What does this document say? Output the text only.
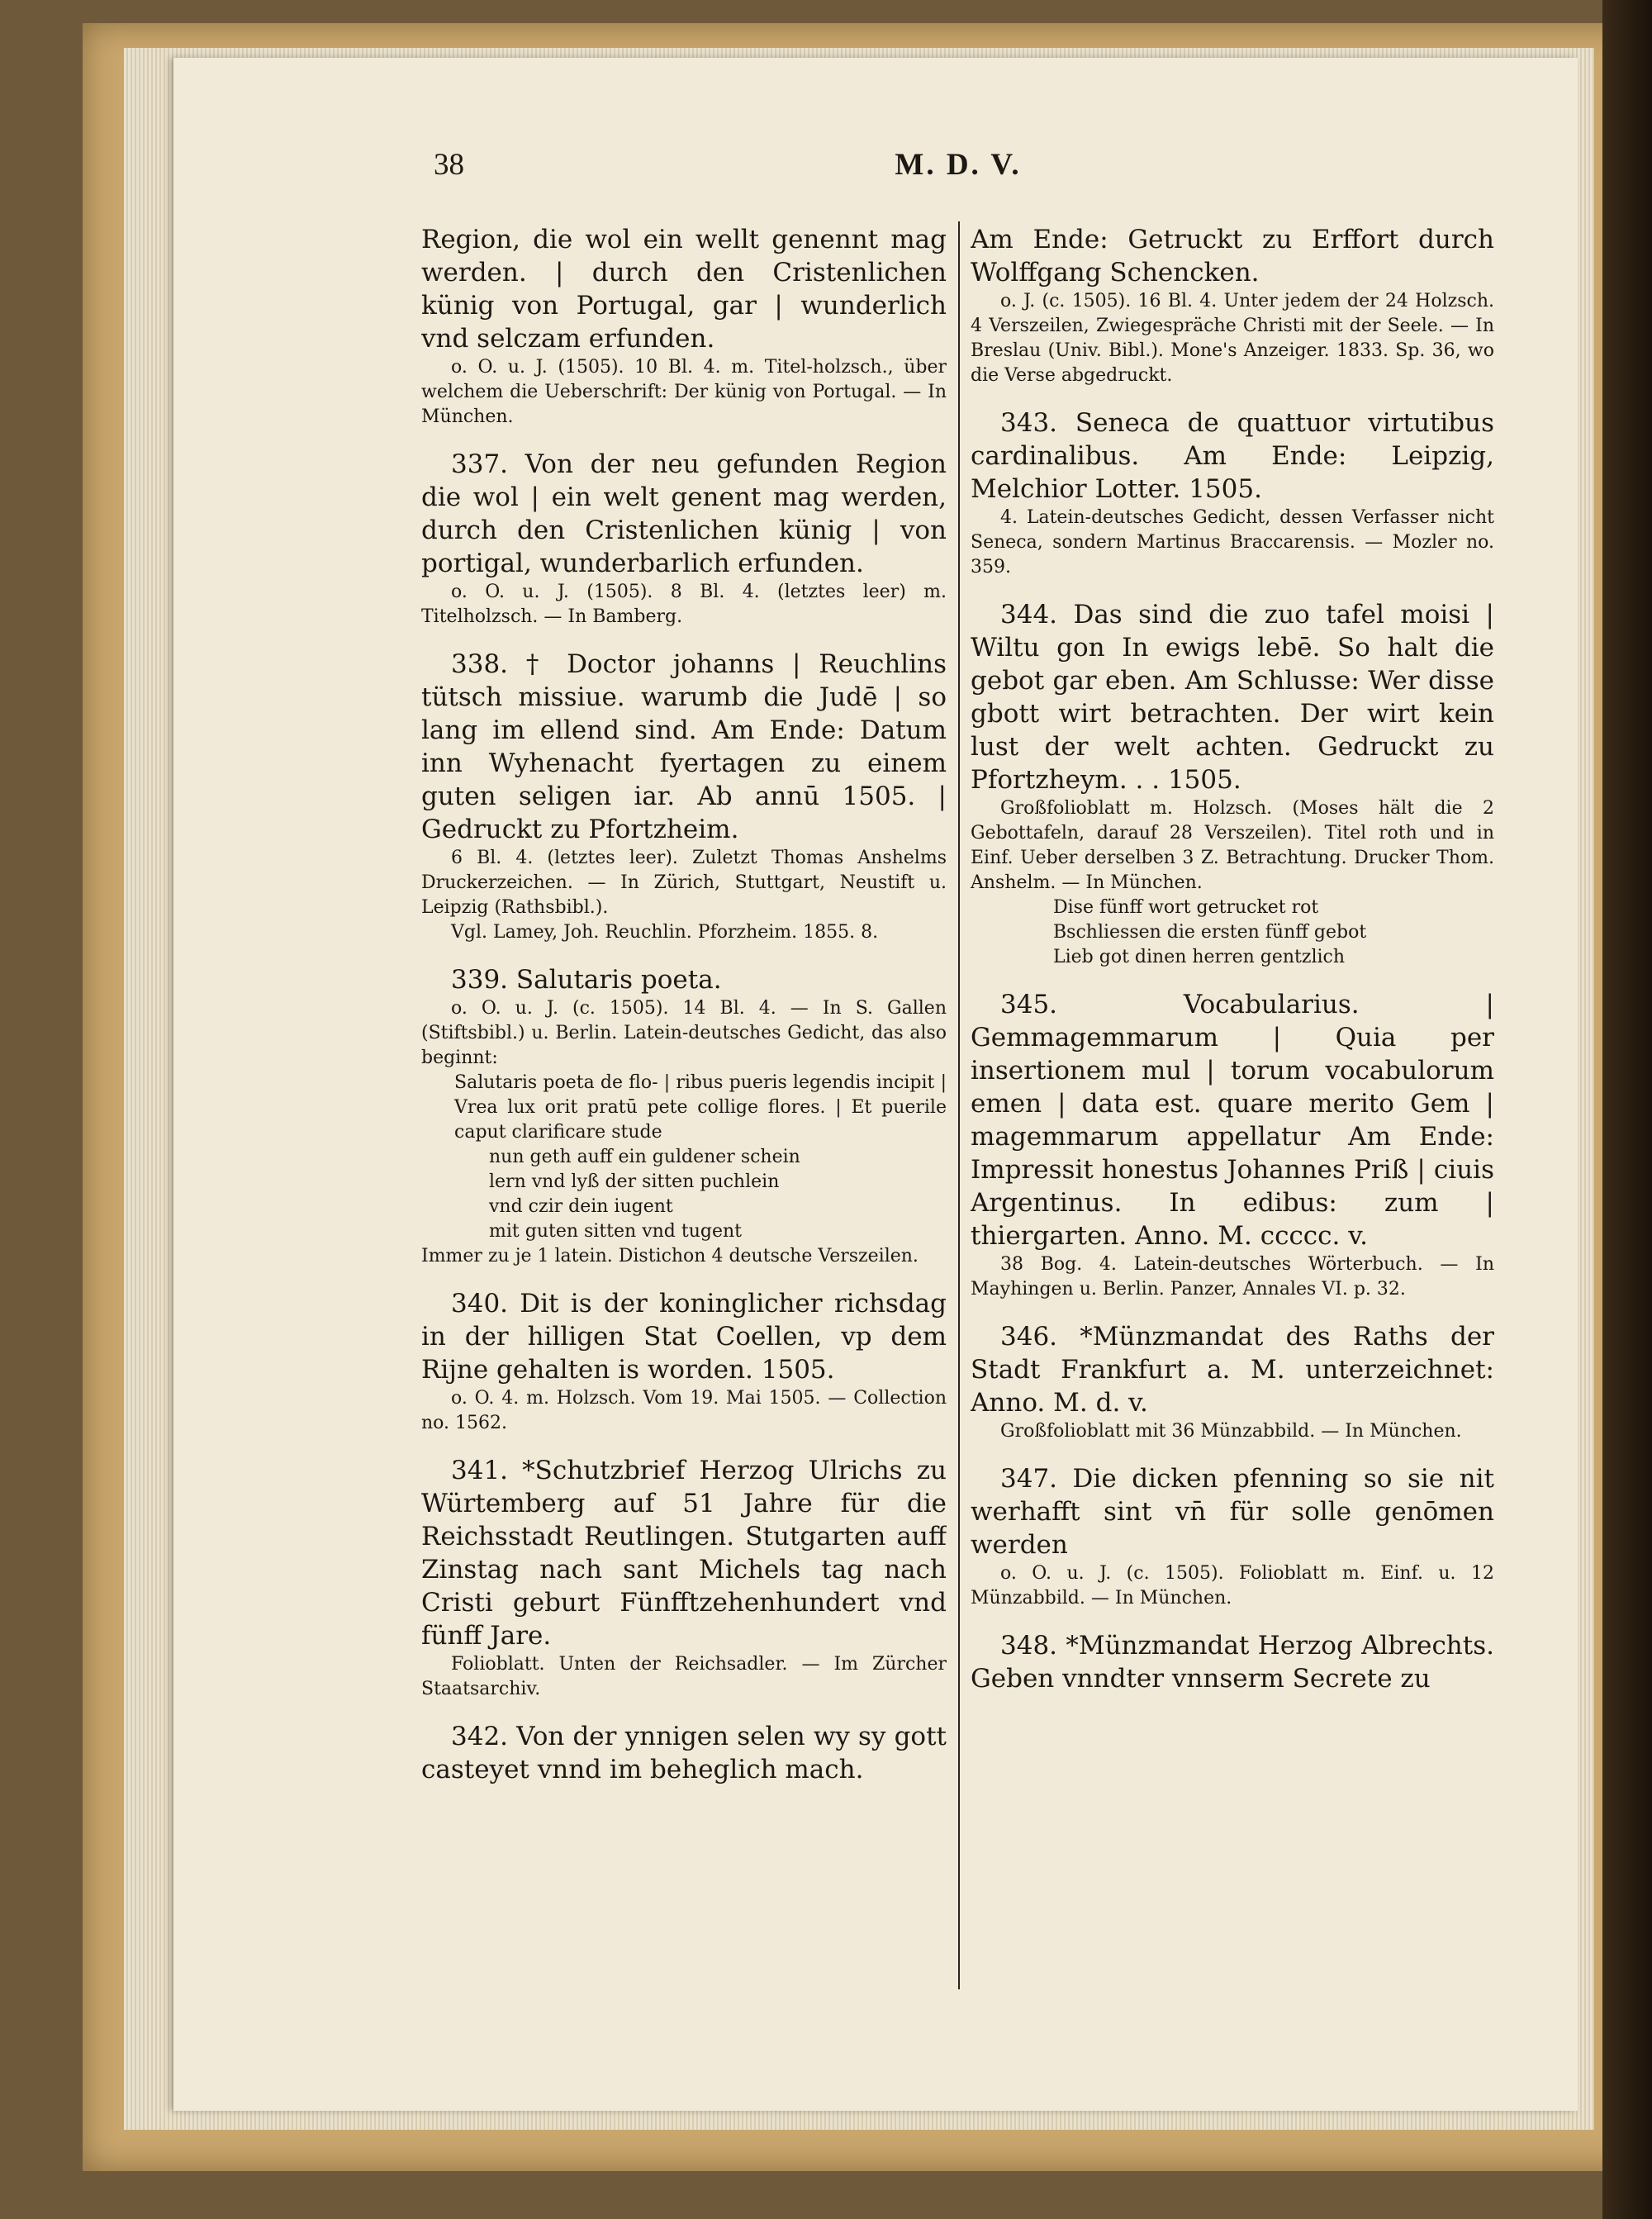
38	M. D. V.
Region, die wol ein wellt genennt mag werden. | durch den Cristenlichen künig von Portugal, gar | wunderlich vnd selczam erfunden.
o. O. u. J. (1505). 10 Bl. 4. m. Titel-holzsch., über welchem die Ueberschrift: Der künig von Portugal. — In München.
337. Von der neu gefunden Region die wol | ein welt genent mag werden, durch den Cristenlichen künig | von portigal, wunderbarlich erfunden.
o. O. u. J. (1505). 8 Bl. 4. (letztes leer) m. Titelholzsch. — In Bamberg.
338. † Doctor johanns | Reuchlins tütsch missiue. warumb die Judē | so lang im ellend sind. Am Ende: Datum inn Wyhenacht fyertagen zu einem guten seligen iar. Ab annū 1505. | Gedruckt zu Pfortzheim.
6 Bl. 4. (letztes leer). Zuletzt Thomas Anshelms Druckerzeichen. — In Zürich, Stuttgart, Neustift u. Leipzig (Rathsbibl.).
Vgl. Lamey, Joh. Reuchlin. Pforzheim. 1855. 8.
339. Salutaris poeta.
o. O. u. J. (c. 1505). 14 Bl. 4. — In S. Gallen (Stiftsbibl.) u. Berlin. Latein-deutsches Gedicht, das also beginnt:
Salutaris poeta de flo- | ribus pueris legendis incipit | Vrea lux orit pratū pete collige flores. | Et puerile caput clarificare stude
nun geth auff ein guldener schein
lern vnd lyß der sitten puchlein
vnd czir dein iugent
mit guten sitten vnd tugent
Immer zu je 1 latein. Distichon 4 deutsche Verszeilen.
340. Dit is der koninglicher richsdag in der hilligen Stat Coellen, vp dem Rijne gehalten is worden. 1505.
o. O. 4. m. Holzsch. Vom 19. Mai 1505. — Collection no. 1562.
341. *Schutzbrief Herzog Ulrichs zu Würtemberg auf 51 Jahre für die Reichsstadt Reutlingen. Stutgarten auff Zinstag nach sant Michels tag nach Cristi geburt Fünfftzehenhundert vnd fünff Jare.
Folioblatt. Unten der Reichsadler. — Im Zürcher Staatsarchiv.
342. Von der ynnigen selen wy sy gott casteyet vnnd im beheglich mach.
Am Ende: Getruckt zu Erffort durch Wolffgang Schencken.
o. J. (c. 1505). 16 Bl. 4. Unter jedem der 24 Holzsch. 4 Verszeilen, Zwiegespräche Christi mit der Seele. — In Breslau (Univ. Bibl.). Mone's Anzeiger. 1833. Sp. 36, wo die Verse abgedruckt.
343. Seneca de quattuor virtutibus cardinalibus. Am Ende: Leipzig, Melchior Lotter. 1505.
4. Latein-deutsches Gedicht, dessen Verfasser nicht Seneca, sondern Martinus Braccarensis. — Mozler no. 359.
344. Das sind die zuo tafel moisi | Wiltu gon In ewigs lebē. So halt die gebot gar eben. Am Schlusse: Wer disse gbott wirt betrachten. Der wirt kein lust der welt achten. Gedruckt zu Pfortzheym. . . 1505.
Großfolioblatt m. Holzsch. (Moses hält die 2 Gebottafeln, darauf 28 Verszeilen). Titel roth und in Einf. Ueber derselben 3 Z. Betrachtung. Drucker Thom. Anshelm. — In München.
Dise fünff wort getrucket rot
Bschliessen die ersten fünff gebot
Lieb got dinen herren gentzlich
345. Vocabularius. | Gemmagemmarum | Quia per insertionem mul | torum vocabulorum emen | data est. quare merito Gem | magemmarum appellatur Am Ende: Impressit honestus Johannes Priß | ciuis Argentinus. In edibus: zum | thiergarten. Anno. M. ccccc. v.
38 Bog. 4. Latein-deutsches Wörterbuch. — In Mayhingen u. Berlin. Panzer, Annales VI. p. 32.
346. *Münzmandat des Raths der Stadt Frankfurt a. M. unterzeichnet: Anno. M. d. v.
Großfolioblatt mit 36 Münzabbild. — In München.
347. Die dicken pfenning so sie nit werhafft sint vn̄ für solle genōmen werden
o. O. u. J. (c. 1505). Folioblatt m. Einf. u. 12 Münzabbild. — In München.
348. *Münzmandat Herzog Albrechts. Geben vnndter vnnserm Secrete zu
